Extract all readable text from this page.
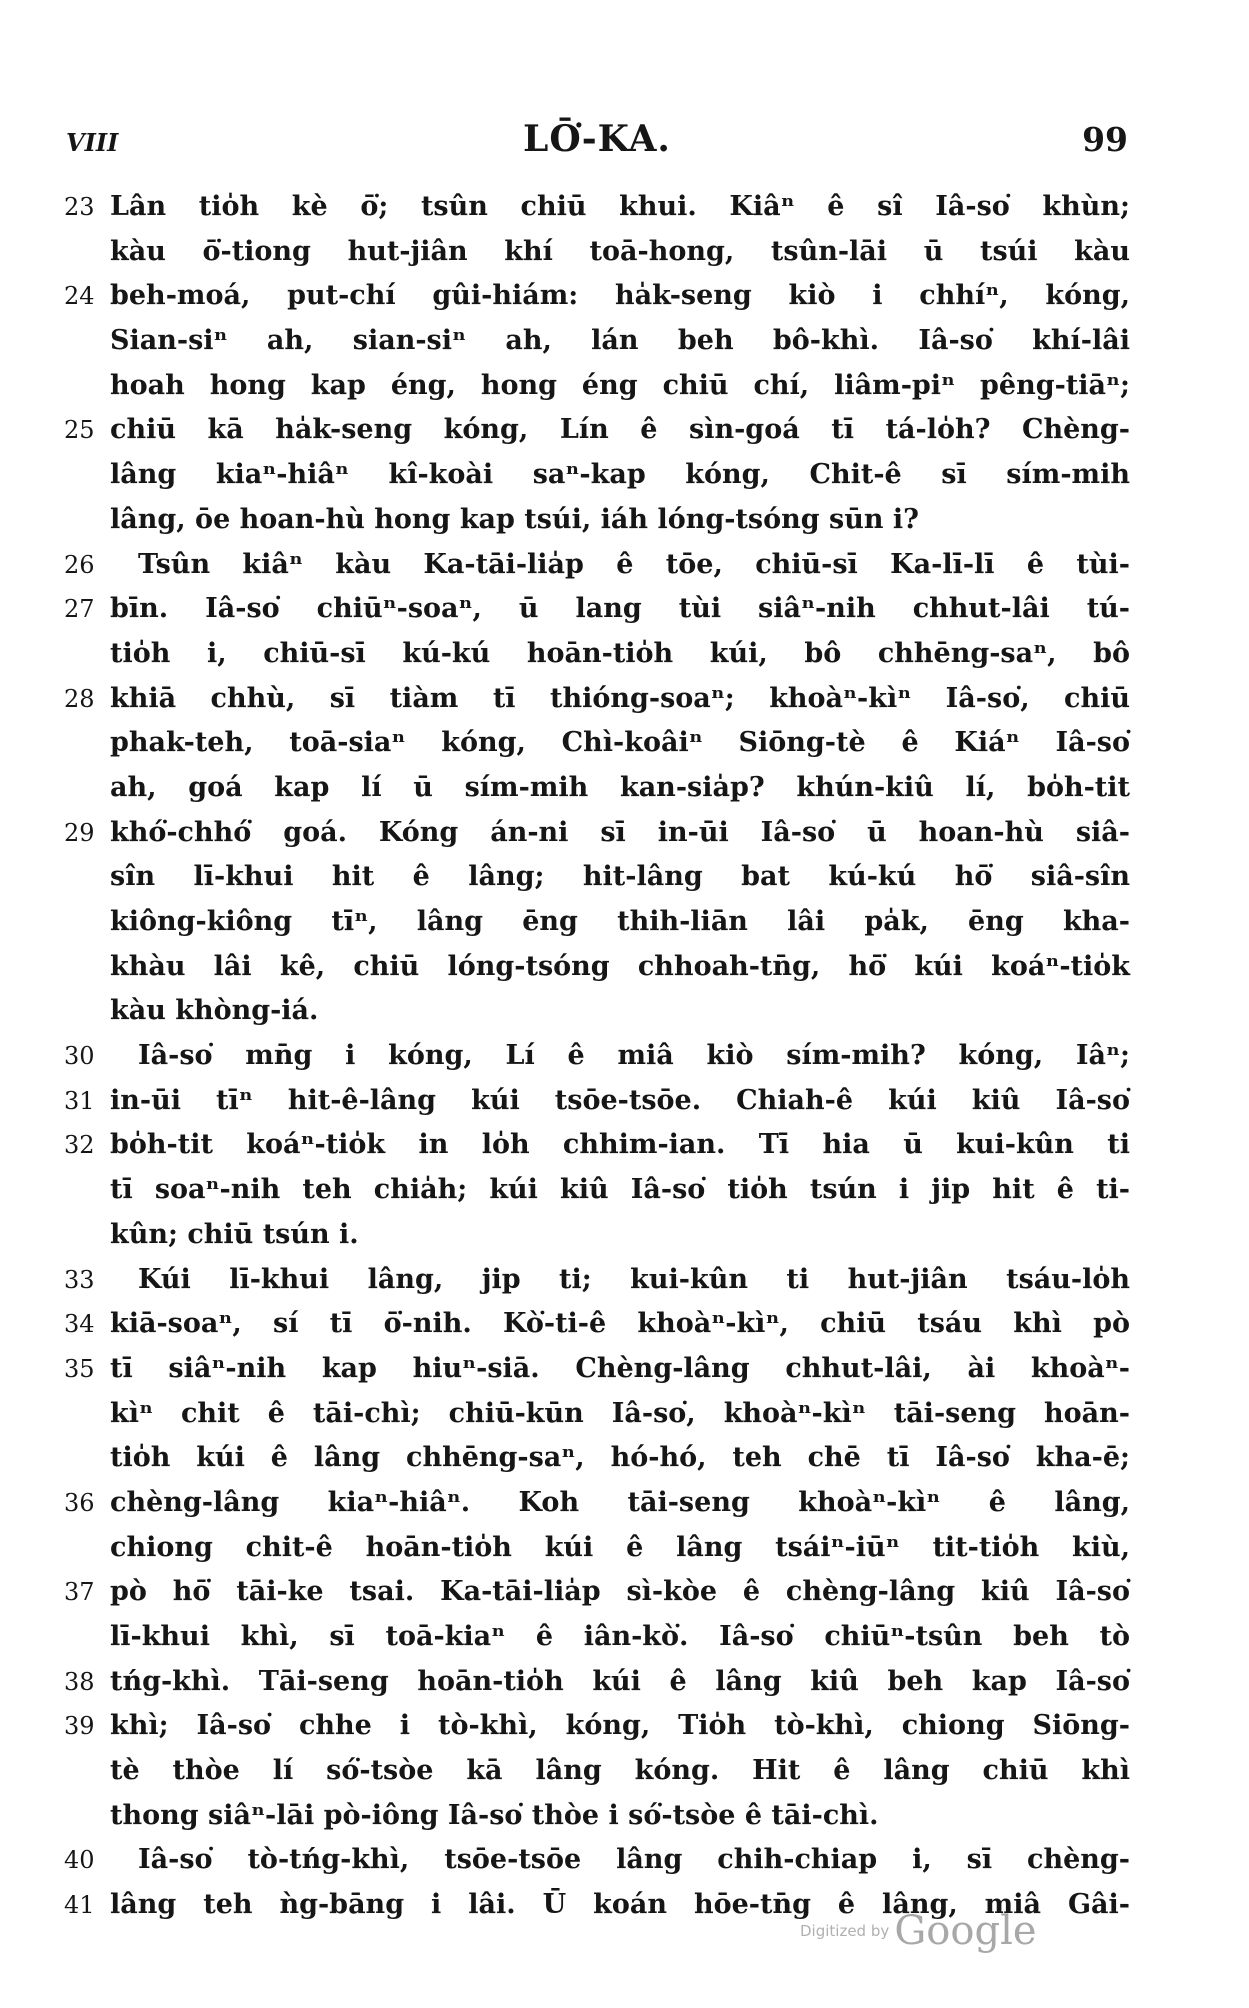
VIII	LŌ͘-KA.	99
23 Lân tio̍h kè ō͘; tsûn chiū khui. Kiâⁿ ê sî Iâ-so͘ khùn;
kàu ō͘-tiong hut-jiân khí toā-hong, tsûn-lāi ū tsúi kàu
24 beh-moá, put-chí gûi-hiám: ha̍k-seng kiò i chhíⁿ, kóng,
Sian-siⁿ ah, sian-siⁿ ah, lán beh bô-khì. Iâ-so͘ khí-lâi
hoah hong kap éng, hong éng chiū chí, liâm-piⁿ pêng-tiāⁿ;
25 chiū kā ha̍k-seng kóng, Lín ê sìn-goá tī tá-lo̍h? Chèng-
lâng kiaⁿ-hiâⁿ kî-koài saⁿ-kap kóng, Chit-ê sī sím-mih
lâng, ōe hoan-hù hong kap tsúi, iáh lóng-tsóng sūn i?
26	Tsûn kiâⁿ kàu Ka-tāi-lia̍p ê tōe, chiū-sī Ka-lī-lī ê tùi-
27 bīn. Iâ-so͘ chiūⁿ-soaⁿ, ū lang tùi siâⁿ-nih chhut-lâi tú-
tio̍h i, chiū-sī kú-kú hoān-tio̍h kúi, bô chhēng-saⁿ, bô
28 khiā chhù, sī tiàm tī thióng-soaⁿ; khoàⁿ-kìⁿ Iâ-so͘, chiū
phak-teh, toā-siaⁿ kóng, Chì-koâiⁿ Siōng-tè ê Kiáⁿ Iâ-so͘
ah, goá kap lí ū sím-mih kan-sia̍p? khún-kiû lí, bo̍h-tit
29 khó͘-chhó͘ goá. Kóng án-ni sī in-ūi Iâ-so͘ ū hoan-hù siâ-
sîn lī-khui hit ê lâng; hit-lâng bat kú-kú hō͘ siâ-sîn
kiông-kiông tīⁿ, lâng ēng thih-liān lâi pa̍k, ēng kha-
khàu lâi kê, chiū lóng-tsóng chhoah-tn̄g, hō͘ kúi koáⁿ-tio̍k
kàu khòng-iá.
30	Iâ-so͘ mn̄g i kóng, Lí ê miâ kiò sím-mih? kóng, Iâⁿ;
31 in-ūi tīⁿ hit-ê-lâng kúi tsōe-tsōe. Chiah-ê kúi kiû Iâ-so͘
32 bo̍h-tit koáⁿ-tio̍k in lo̍h chhim-ian. Tī hia ū kui-kûn ti
tī soaⁿ-nih teh chia̍h; kúi kiû Iâ-so͘ tio̍h tsún i jip hit ê ti-
kûn; chiū tsún i.
33	Kúi lī-khui lâng, jip ti; kui-kûn ti hut-jiân tsáu-lo̍h
34 kiā-soaⁿ, sí tī ō͘-nih. Kò͘-ti-ê khoàⁿ-kìⁿ, chiū tsáu khì pò
35 tī siâⁿ-nih kap hiuⁿ-siā. Chèng-lâng chhut-lâi, ài khoàⁿ-
kìⁿ chit ê tāi-chì; chiū-kūn Iâ-so͘, khoàⁿ-kìⁿ tāi-seng hoān-
tio̍h kúi ê lâng chhēng-saⁿ, hó-hó, teh chē tī Iâ-so͘ kha-ē;
36 chèng-lâng kiaⁿ-hiâⁿ. Koh tāi-seng khoàⁿ-kìⁿ ê lâng,
chiong chit-ê hoān-tio̍h kúi ê lâng tsáiⁿ-iūⁿ tit-tio̍h kiù,
37 pò hō͘ tāi-ke tsai. Ka-tāi-lia̍p sì-kòe ê chèng-lâng kiû Iâ-so͘
lī-khui khì, sī toā-kiaⁿ ê iân-kò͘. Iâ-so͘ chiūⁿ-tsûn beh tò
38 tńg-khì. Tāi-seng hoān-tio̍h kúi ê lâng kiû beh kap Iâ-so͘
39 khì; Iâ-so͘ chhe i tò-khì, kóng, Tio̍h tò-khì, chiong Siōng-
tè thòe lí só͘-tsòe kā lâng kóng. Hit ê lâng chiū khì
thong siâⁿ-lāi pò-iông Iâ-so͘ thòe i só͘-tsòe ê tāi-chì.
40	Iâ-so͘ tò-tńg-khì, tsōe-tsōe lâng chih-chiap i, sī chèng-
41 lâng teh ǹg-bāng i lâi. Ū koán hōe-tn̄g ê lâng, miâ Gâi-
Digitized by Google
